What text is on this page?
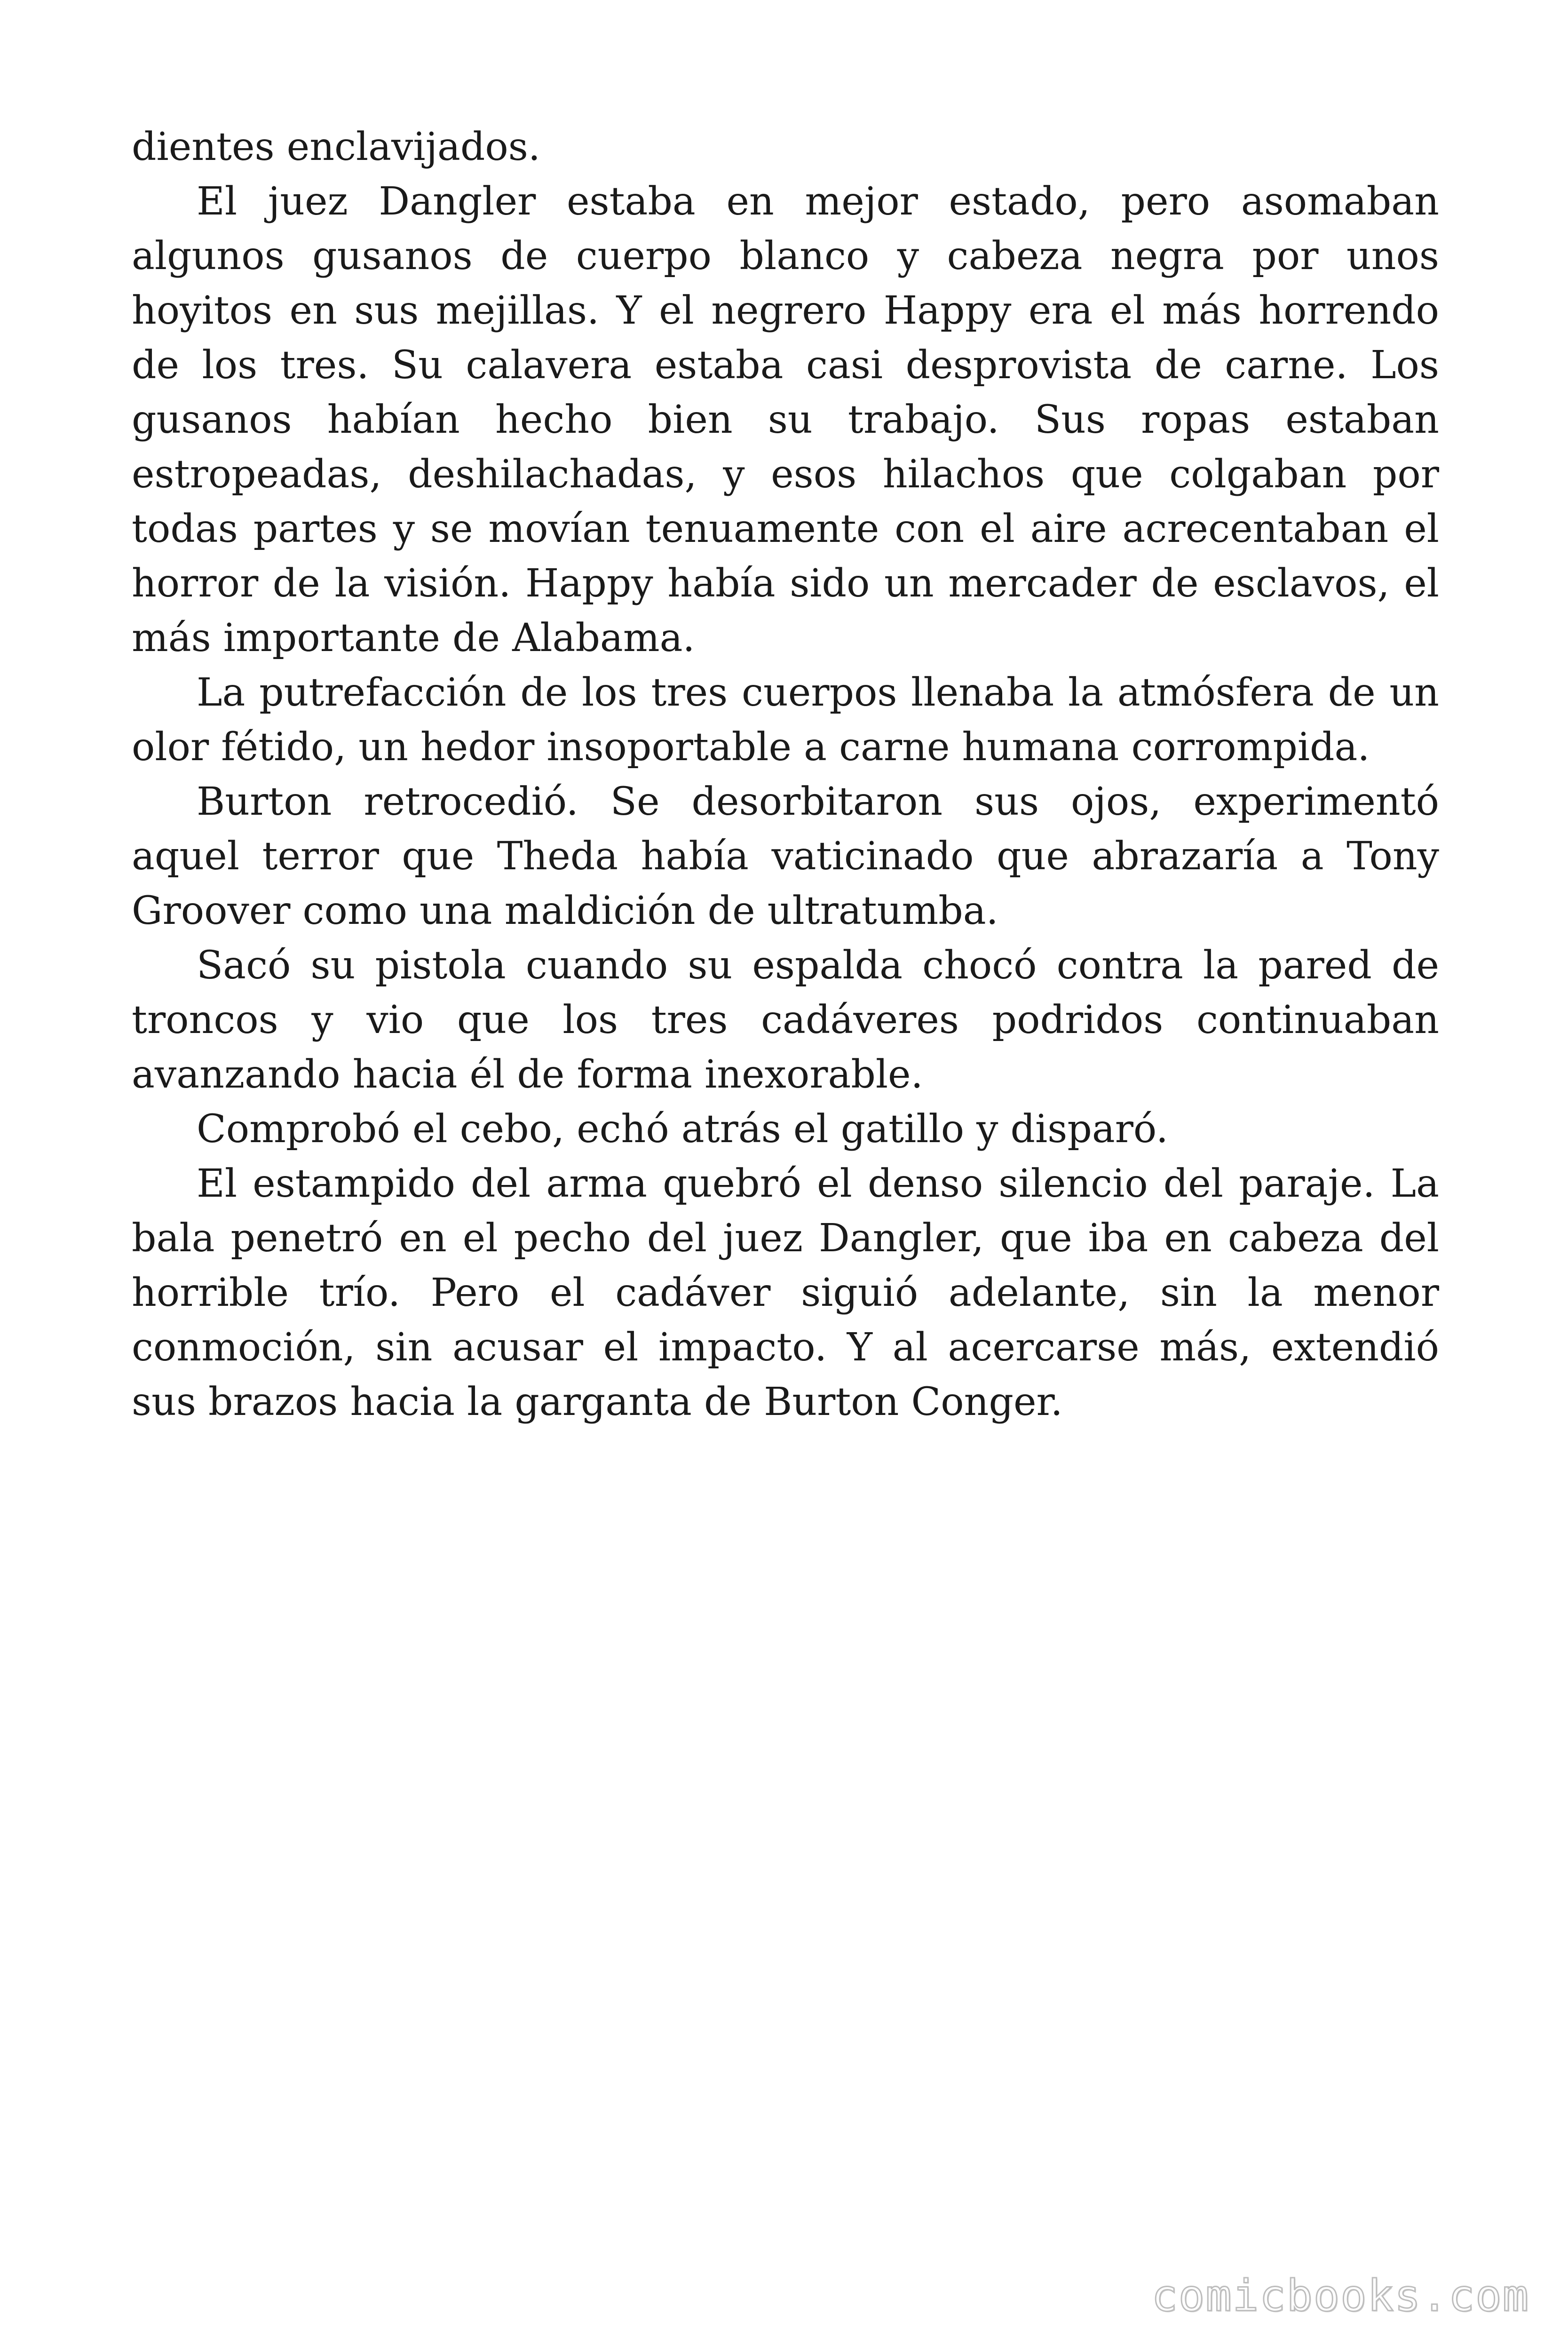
dientes enclavijados.

El juez Dangler estaba en mejor estado, pero asomaban algunos gusanos de cuerpo blanco y cabeza negra por unos hoyitos en sus mejillas. Y el negrero Happy era el más horrendo de los tres. Su calavera estaba casi desprovista de carne. Los gusanos habían hecho bien su trabajo. Sus ropas estaban estropeadas, deshilachadas, y esos hilachos que colgaban por todas partes y se movían tenuamente con el aire acrecentaban el horror de la visión. Happy había sido un mercader de esclavos, el más importante de Alabama.

La putrefacción de los tres cuerpos llenaba la atmósfera de un olor fétido, un hedor insoportable a carne humana corrompida.

Burton retrocedió. Se desorbitaron sus ojos, experimentó aquel terror que Theda había vaticinado que abrazaría a Tony Groover como una maldición de ultratumba.

Sacó su pistola cuando su espalda chocó contra la pared de troncos y vio que los tres cadáveres podridos continuaban avanzando hacia él de forma inexorable.

Comprobó el cebo, echó atrás el gatillo y disparó.

El estampido del arma quebró el denso silencio del paraje. La bala penetró en el pecho del juez Dangler, que iba en cabeza del horrible trío. Pero el cadáver siguió adelante, sin la menor conmoción, sin acusar el impacto. Y al acercarse más, extendió sus brazos hacia la garganta de Burton Conger.

comicbooks.com
